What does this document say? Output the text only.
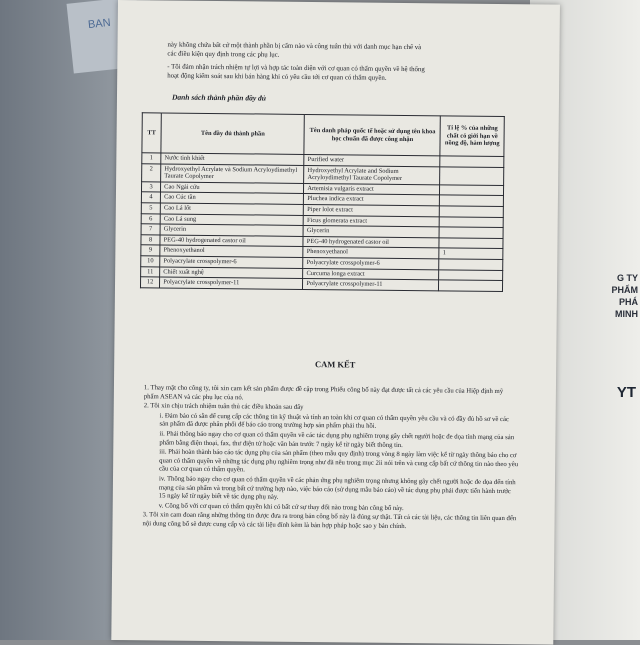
BAN
G TY
PHẨM
PHÁ
MINH
YT
này không chứa bất cứ một thành phần bị cấm nào và công tuân thủ với danh mục hạn chế và
các điều kiện quy định trong các phụ lục.
- Tôi đảm nhận trách nhiệm tự lợi và hợp tác toàn diện với cơ quan có thẩm quyền về hệ thống
hoạt động kiểm soát sau khi bán hàng khi có yêu cầu tới cơ quan có thẩm quyền.
Danh sách thành phần đầy đủ
TT	Tên đầy đủ thành phần	Tên danh pháp quốc tế hoặc sử dụng tên khoa học chuẩn đã được công nhận	Tỉ lệ % của những chất có giới hạn về nồng độ, hàm lượng
1	Nước tinh khiết	Purified water	
2	Hydroxyethyl Acrylate và Sodium Acryloydimethyl Taurate Copolymer	Hydroxyethyl Acrylate and Sodium Acryloydimethyl Taurate Copolymer	
3	Cao Ngải cứu	Artemisia vulgaris extract	
4	Cao Cúc tần	Pluchea indica extract	
5	Cao Lá lốt	Piper lolot extract	
6	Cao Lá sung	Ficus glomerata extract	
7	Glycerin	Glycerin	
8	PEG-40 hydrogenated castor oil	PEG-40 hydrogenated castor oil	
9	Phenoxyethanol	Phenoxyethanol	1
10	Polyacrylate crosspolymer-6	Polyacrylate crosspolymer-6	
11	Chiết xuất nghệ	Curcuma longa extract	
12	Polyacrylate crosspolymer-11	Polyacrylate crosspolymer-11	
CAM KẾT

1. Thay mặt cho công ty, tôi xin cam kết sản phẩm được đề cập trong Phiếu công bố này đạt được tất cả các yêu cầu của Hiệp định mỹ phẩm ASEAN và các phụ lục của nó.

2. Tôi xin chịu trách nhiệm tuân thủ các điều khoản sau đây

i. Đảm bảo có sẵn để cung cấp các thông tin kỹ thuật và tính an toàn khi cơ quan có thẩm quyền yêu cầu và có đầy đủ hồ sơ về các sản phẩm đã được phân phối để báo cáo trong trường hợp sản phẩm phải thu hồi.

ii. Phải thông báo ngay cho cơ quan có thẩm quyền về các tác dụng phụ nghiêm trọng gây chết người hoặc đe dọa tính mạng của sản phẩm bằng điện thoại, fax, thư điện tử hoặc văn bản trước 7 ngày kể từ ngày biết thông tin.

iii. Phải hoàn thành báo cáo tác dụng phụ của sản phẩm (theo mẫu quy định) trong vòng 8 ngày làm việc kể từ ngày thông báo cho cơ quan có thẩm quyền về những tác dụng phụ nghiêm trọng như đã nêu trong mục 2ii nói trên và cung cấp bất cứ thông tin nào theo yêu cầu của cơ quan có thẩm quyền.

iv. Thông báo ngay cho cơ quan có thẩm quyền về các phản ứng phụ nghiêm trọng nhưng không gây chết người hoặc đe dọa đến tính mạng của sản phẩm và trong bất cứ trường hợp nào, việc báo cáo (sử dụng mẫu báo cáo) về tác dụng phụ phải được tiến hành trước 15 ngày kể từ ngày biết về tác dụng phụ này.

v. Công bố với cơ quan có thẩm quyền khi có bất cứ sự thay đổi nào trong bản công bố này.

3. Tôi xin cam đoan rằng những thông tin được đưa ra trong bản công bố này là đúng sự thật. Tất cả các tài liệu, các thông tin liên quan đến nội dung công bố sẽ được cung cấp và các tài liệu đính kèm là bản hợp pháp hoặc sao y bản chính.
